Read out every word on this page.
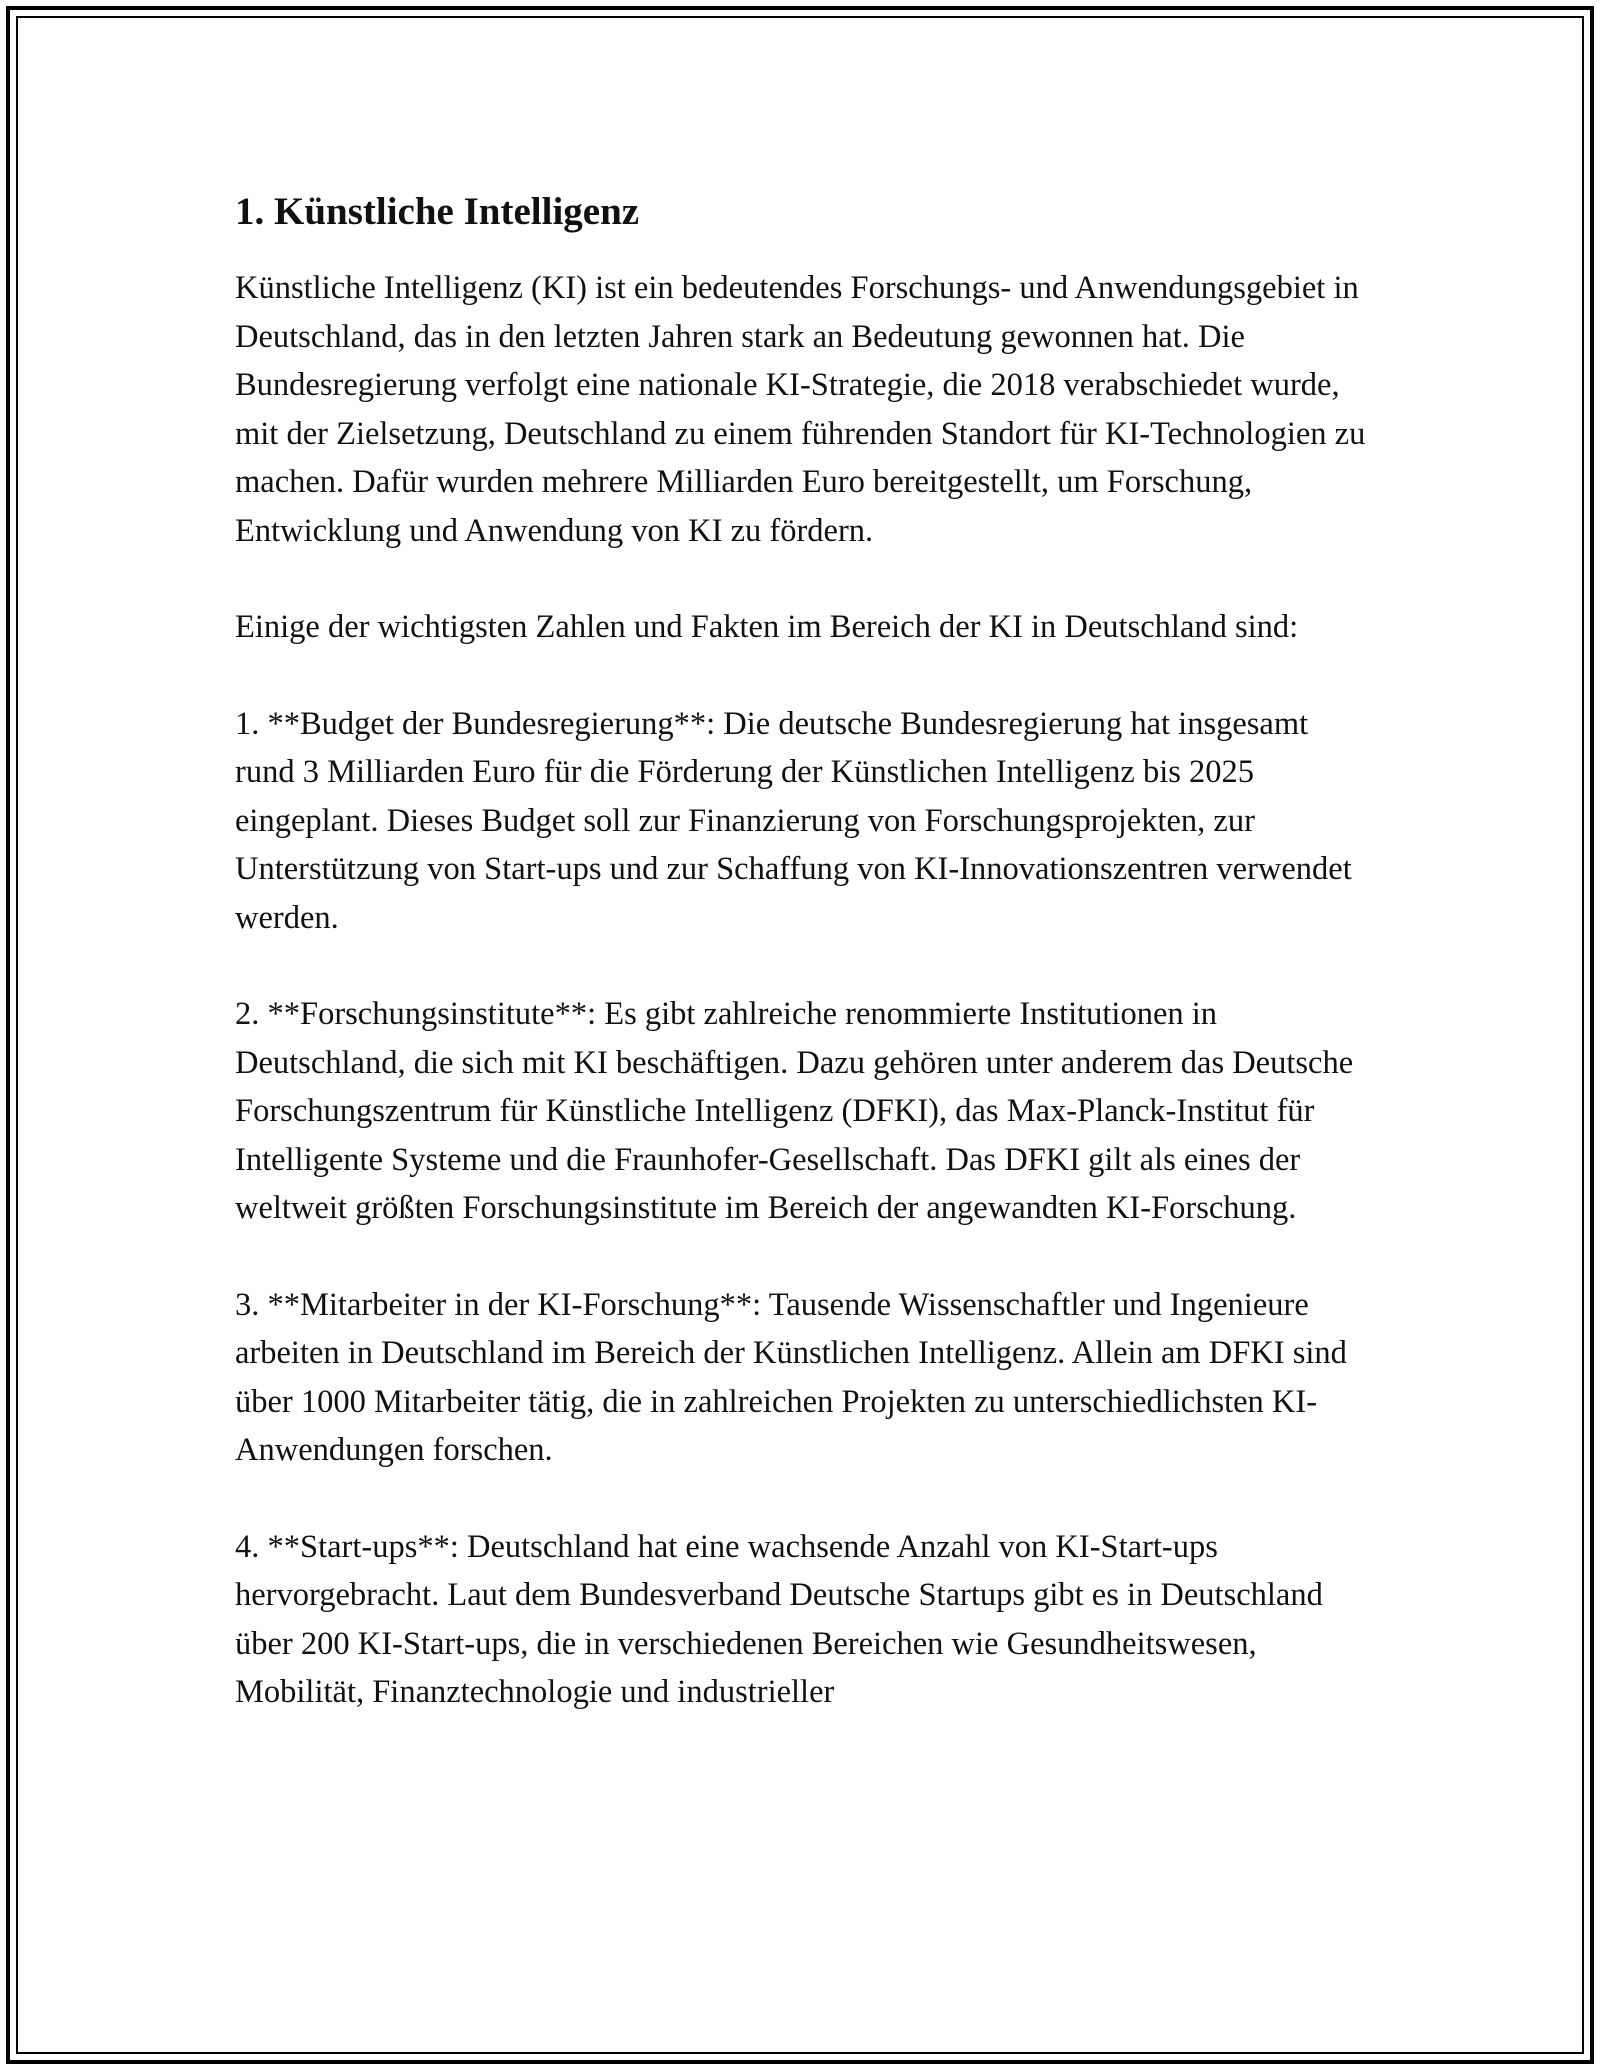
1. Künstliche Intelligenz

Künstliche Intelligenz (KI) ist ein bedeutendes Forschungs- und Anwendungsgebiet in Deutschland, das in den letzten Jahren stark an Bedeutung gewonnen hat. Die Bundesregierung verfolgt eine nationale KI-Strategie, die 2018 verabschiedet wurde, mit der Zielsetzung, Deutschland zu einem führenden Standort für KI-Technologien zu machen. Dafür wurden mehrere Milliarden Euro bereitgestellt, um Forschung, Entwicklung und Anwendung von KI zu fördern.

Einige der wichtigsten Zahlen und Fakten im Bereich der KI in Deutschland sind:

1. **Budget der Bundesregierung**: Die deutsche Bundesregierung hat insgesamt rund 3 Milliarden Euro für die Förderung der Künstlichen Intelligenz bis 2025 eingeplant. Dieses Budget soll zur Finanzierung von Forschungsprojekten, zur Unterstützung von Start-ups und zur Schaffung von KI-Innovationszentren verwendet werden.

2. **Forschungsinstitute**: Es gibt zahlreiche renommierte Institutionen in Deutschland, die sich mit KI beschäftigen. Dazu gehören unter anderem das Deutsche Forschungszentrum für Künstliche Intelligenz (DFKI), das Max-Planck-Institut für Intelligente Systeme und die Fraunhofer-Gesellschaft. Das DFKI gilt als eines der weltweit größten Forschungsinstitute im Bereich der angewandten KI-Forschung.

3. **Mitarbeiter in der KI-Forschung**: Tausende Wissenschaftler und Ingenieure arbeiten in Deutschland im Bereich der Künstlichen Intelligenz. Allein am DFKI sind über 1000 Mitarbeiter tätig, die in zahlreichen Projekten zu unterschiedlichsten KI-Anwendungen forschen.

4. **Start-ups**: Deutschland hat eine wachsende Anzahl von KI-Start-ups hervorgebracht. Laut dem Bundesverband Deutsche Startups gibt es in Deutschland über 200 KI-Start-ups, die in verschiedenen Bereichen wie Gesundheitswesen, Mobilität, Finanztechnologie und industrieller
